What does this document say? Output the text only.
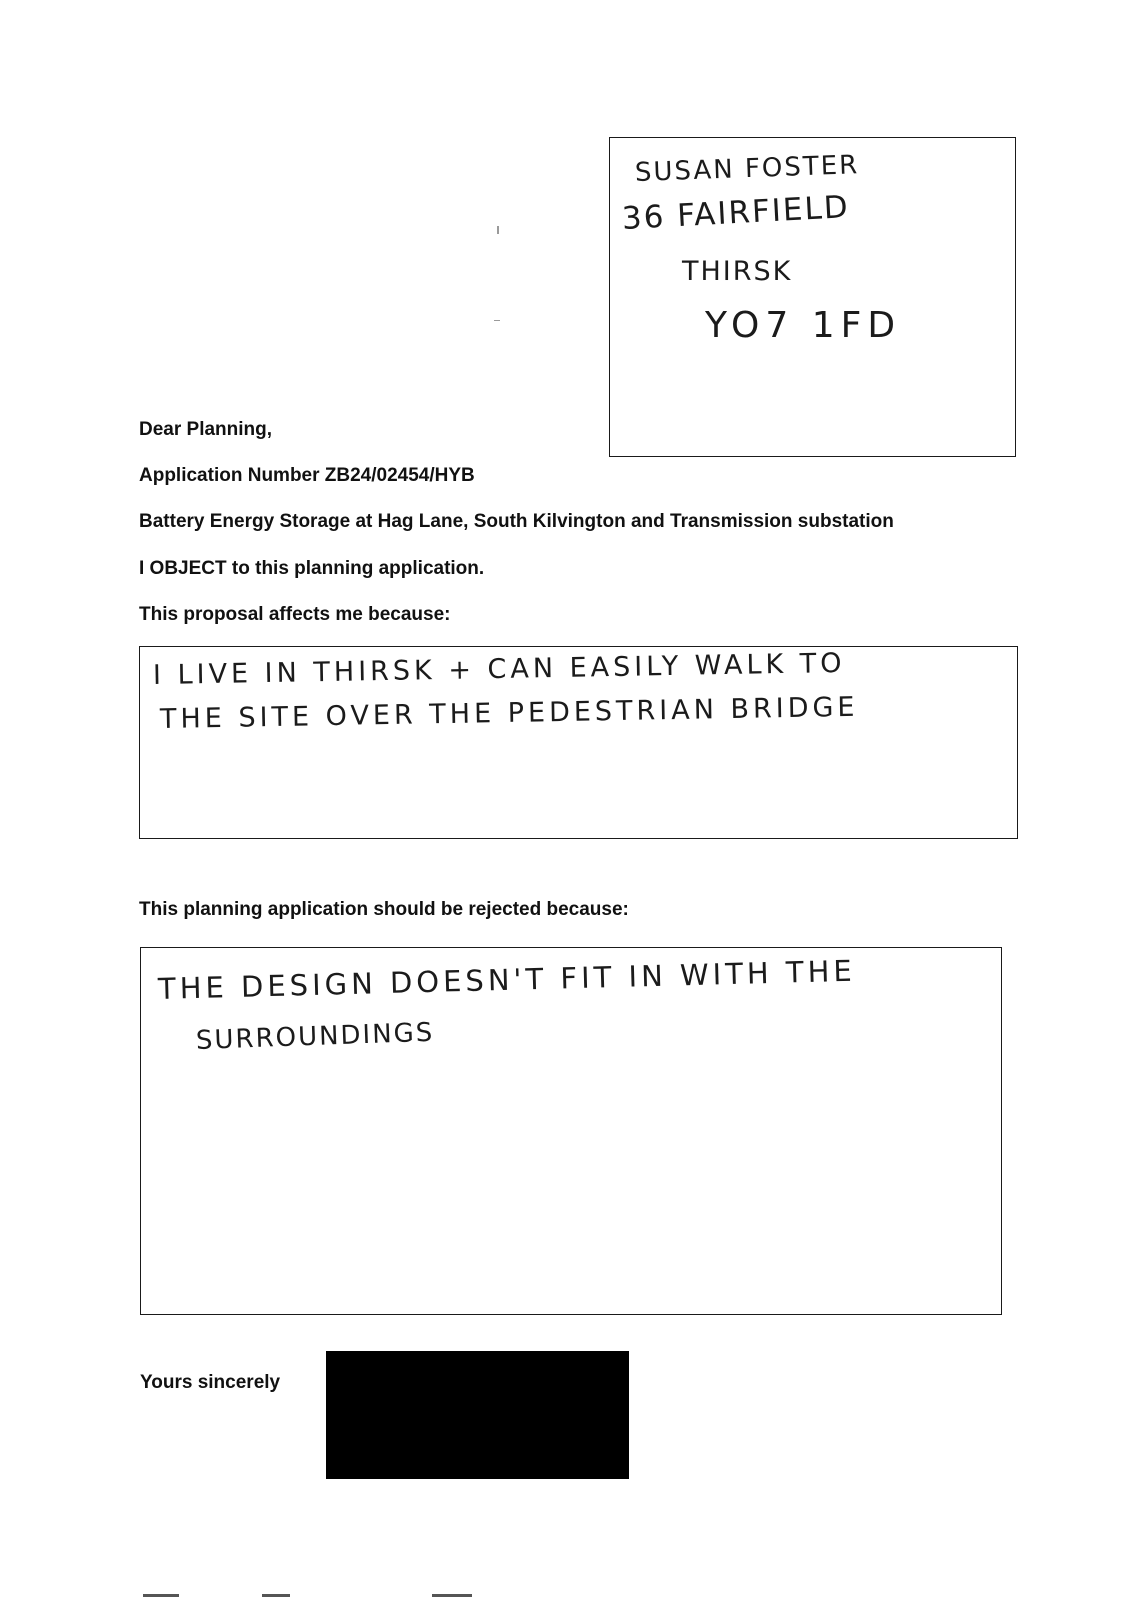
SUSAN FOSTER
36 FAIRFIELD
THIRSK
YO7 1FD
Dear Planning,
Application Number ZB24/02454/HYB
Battery Energy Storage at Hag Lane, South Kilvington and Transmission substation
I OBJECT to this planning application.
This proposal affects me because:
I LIVE IN THIRSK + CAN EASILY WALK TO
THE SITE OVER THE PEDESTRIAN BRIDGE
This planning application should be rejected because:
THE DESIGN DOESN'T FIT IN WITH THE
SURROUNDINGS
Yours sincerely
